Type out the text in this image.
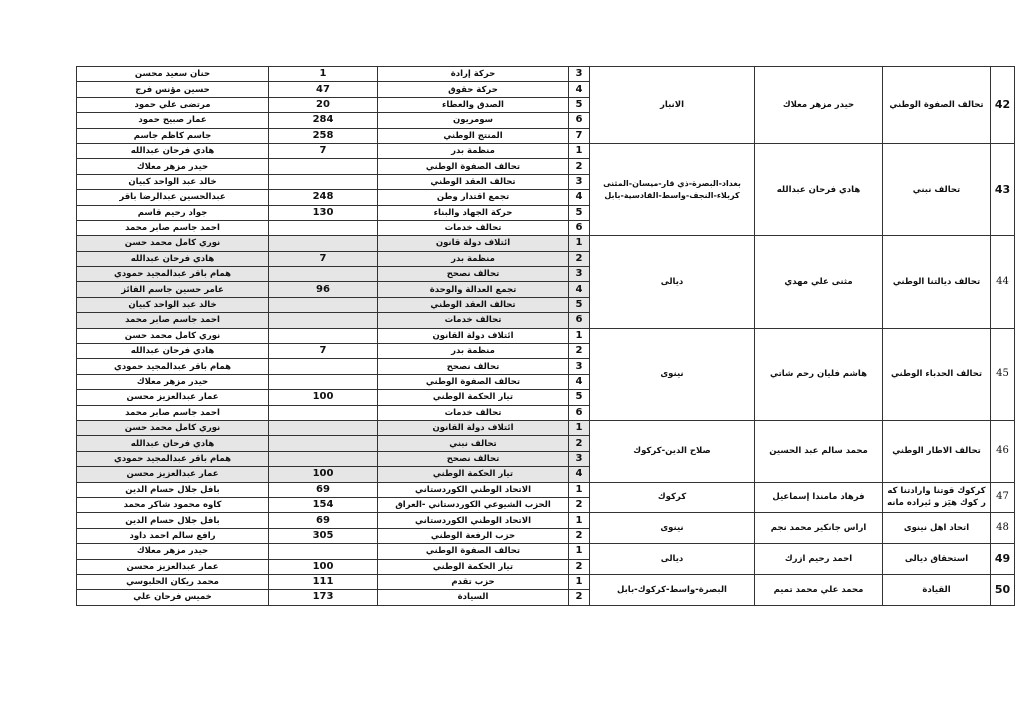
حنان سعيد محسن	1	حركة إرادة	3	الانبار	حيدر مزهر معلاك	تحالف الصفوة الوطني	42
حسين مؤنس فرج	47	حركة حقوق	4				
مرتضى علي حمود	20	الصدق والعطاء	5				
عمار صبيح حمود	284	سومريون	6				
جاسم كاظم جاسم	258	المنتج الوطني	7				
هادي فرحان عبدالله	7	منظمة بدر	1	بغداد-البصرة-ذي قار-ميسان-المثنى كربلاء-النجف-واسط-القادسية-بابل	هادي فرحان عبدالله	تحالف نبني	43
حيدر مزهر معلاك		تحالف الصفوة الوطني	2				
خالد عبد الواحد كبيان		تحالف العقد الوطني	3				
عبدالحسين عبدالرضا باقر	248	تجمع اقتدار وطن	4				
جواد رحيم قاسم	130	حركة الجهاد والبناء	5				
احمد جاسم صابر محمد		تحالف خدمات	6				
نوري كامل محمد حسن		ائتلاف دولة قانون	1	ديالى	مثنى علي مهدي	تحالف ديالتنا الوطني	44
هادي فرحان عبدالله	7	منظمة بدر	2				
همام باقر عبدالمجيد حمودي		تحالف نصحح	3				
عامر حسين جاسم الفائز	96	تجمع العدالة والوحدة	4				
خالد عبد الواحد كبيان		تحالف العقد الوطني	5				
احمد جاسم صابر محمد		تحالف خدمات	6				
نوري كامل محمد حسن		ائتلاف دولة القانون	1	نينوى	هاشم فليان رحم شاتي	تحالف الحدباء الوطني	45
هادي فرحان عبدالله	7	منظمة بدر	2				
همام باقر عبدالمجيد حمودي		تحالف نصحح	3				
حيدر مزهر معلاك		تحالف الصفوة الوطني	4				
عمار عبدالعزيز محسن	100	تيار الحكمة الوطني	5				
احمد جاسم صابر محمد		تحالف خدمات	6				
نوري كامل محمد حسن		ائتلاف دولة القانون	1	صلاح الدين-كركوك	محمد سالم عبد الحسين	تحالف الاطار الوطني	46
هادي فرحان عبدالله		تحالف نبني	2				
همام باقر عبدالمجيد حمودي		تحالف نصحح	3				
عمار عبدالعزيز محسن	100	تيار الحكمة الوطني	4				
بافل جلال حسام الدين	69	الاتحاد الوطني الكوردستاني	1	كركوك	فرهاد مامندا إسماعيل	كركوك قوتنا وارادتنا كه ر كوك هيَز و ئيراده مانه	47
كاوه محمود شاكر محمد	154	الحزب الشيوعي الكوردستاني -العراق	2				
بافل جلال حسام الدين	69	الاتحاد الوطني الكوردستاني	1	نينوى	اراس جانكير محمد نجم	اتحاد اهل نينوى	48
رافع سالم احمد داود	305	حزب الرفعة الوطني	2				
حيدر مزهر معلاك		تحالف الصفوة الوطني	1	ديالى	احمد رحيم ازرك	استحقاق ديالى	49
عمار عبدالعزيز محسن	100	تيار الحكمة الوطني	2				
محمد ريكان الحلبوسي	111	حزب تقدم	1	البصرة-واسط-كركوك-بابل	محمد علي محمد تميم	القيادة	50
خميس فرحان علي	173	السيادة	2				
